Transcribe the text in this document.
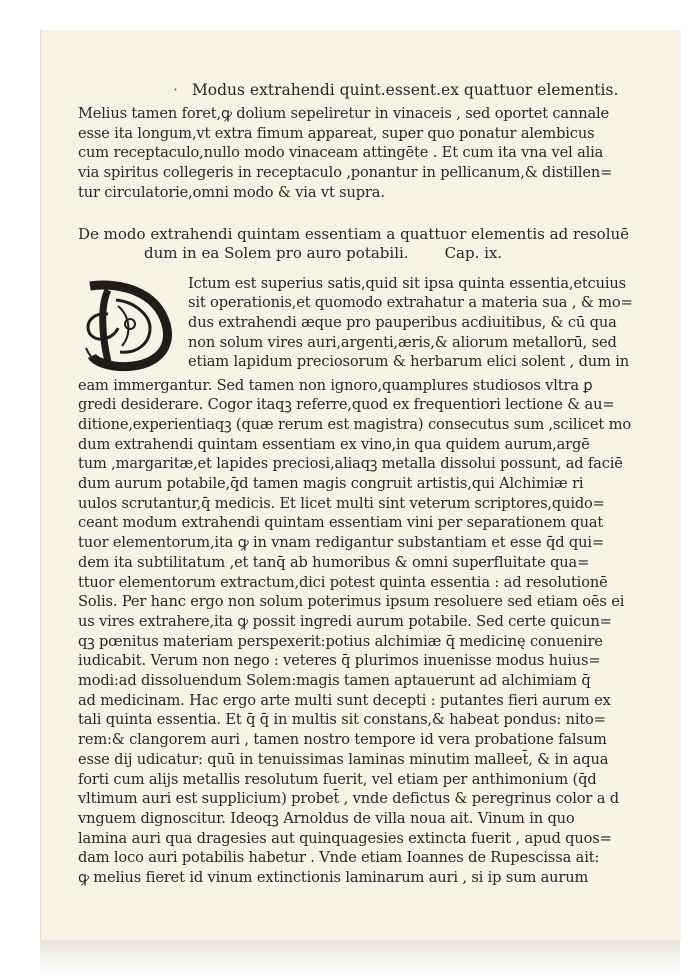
· Modus extrahendi quint.essent.ex quattuor elementis.

Melius tamen foret,ꝙ dolium sepeliretur in vinaceis , sed oportet cannale

esse ita longum,vt extra fimum appareat, super quo ponatur alembicus

cum receptaculo,nullo modo vinaceam attingēte . Et cum ita vna vel alia

via spiritus collegeris in receptaculo ,ponantur in pellicanum,& distillen=

tur circulatorie,omni modo & via vt supra.

De modo extrahendi quintam essentiam a quattuor elementis ad resoluē

dum in ea Solem pro auro potabili. Cap. ix.

Ictum est superius satis,quid sit ipsa quinta essentia,etcuius

sit operationis,et quomodo extrahatur a materia sua , & mo=

dus extrahendi æque pro pauperibus acdiuitibus, & cū qua

non solum vires auri,argenti,æris,& aliorum metallorū, sed

etiam lapidum preciosorum & herbarum elici solent , dum in

eam immergantur. Sed tamen non ignoro,quamplures studiosos vltra ꝑ

gredi desiderare. Cogor itaqꝫ referre,quod ex frequentiori lectione & au=

ditione,experientiaqꝫ (quæ rerum est magistra) consecutus sum ,scilicet mo

dum extrahendi quintam essentiam ex vino,in qua quidem aurum,argē

tum ,margaritæ,et lapides preciosi,aliaqꝫ metalla dissolui possunt, ad faciē

dum aurum potabile,q̄d tamen magis congruit artistis,qui Alchimiæ ri

uulos scrutantur,q̄ medicis. Et licet multi sint veterum scriptores,quido=

ceant modum extrahendi quintam essentiam vini per separationem quat

tuor elementorum,ita ꝙ in vnam redigantur substantiam et esse q̄d qui=

dem ita subtilitatum ,et tanq̄ ab humoribus & omni superfluitate qua=

ttuor elementorum extractum,dici potest quinta essentia : ad resolutionē

Solis. Per hanc ergo non solum poterimus ipsum resoluere sed etiam oēs ei

us vires extrahere,ita ꝙ possit ingredi aurum potabile. Sed certe quicun=

qꝫ pœnitus materiam perspexerit:potius alchimiæ q̄ medicinę conuenire

iudicabit. Verum non nego : veteres q̄ plurimos inuenisse modus huius=

modi:ad dissoluendum Solem:magis tamen aptauerunt ad alchimiam q̄

ad medicinam. Hac ergo arte multi sunt decepti : putantes fieri aurum ex

tali quinta essentia. Et q̄ q̄ in multis sit constans,& habeat pondus: nito=

rem:& clangorem auri , tamen nostro tempore id vera probatione falsum

esse dij udicatur: quū in tenuissimas laminas minutim malleet̄, & in aqua

forti cum alijs metallis resolutum fuerit, vel etiam per anthimonium (q̄d

vltimum auri est supplicium) probet̄ , vnde defictus & peregrinus color a d

vnguem dignoscitur. Ideoqꝫ Arnoldus de villa noua ait. Vinum in quo

lamina auri qua dragesies aut quinquagesies extincta fuerit , apud quos=

dam loco auri potabilis habetur . Vnde etiam Ioannes de Rupescissa ait:

ꝙ melius fieret id vinum extinctionis laminarum auri , si ip sum aurum
